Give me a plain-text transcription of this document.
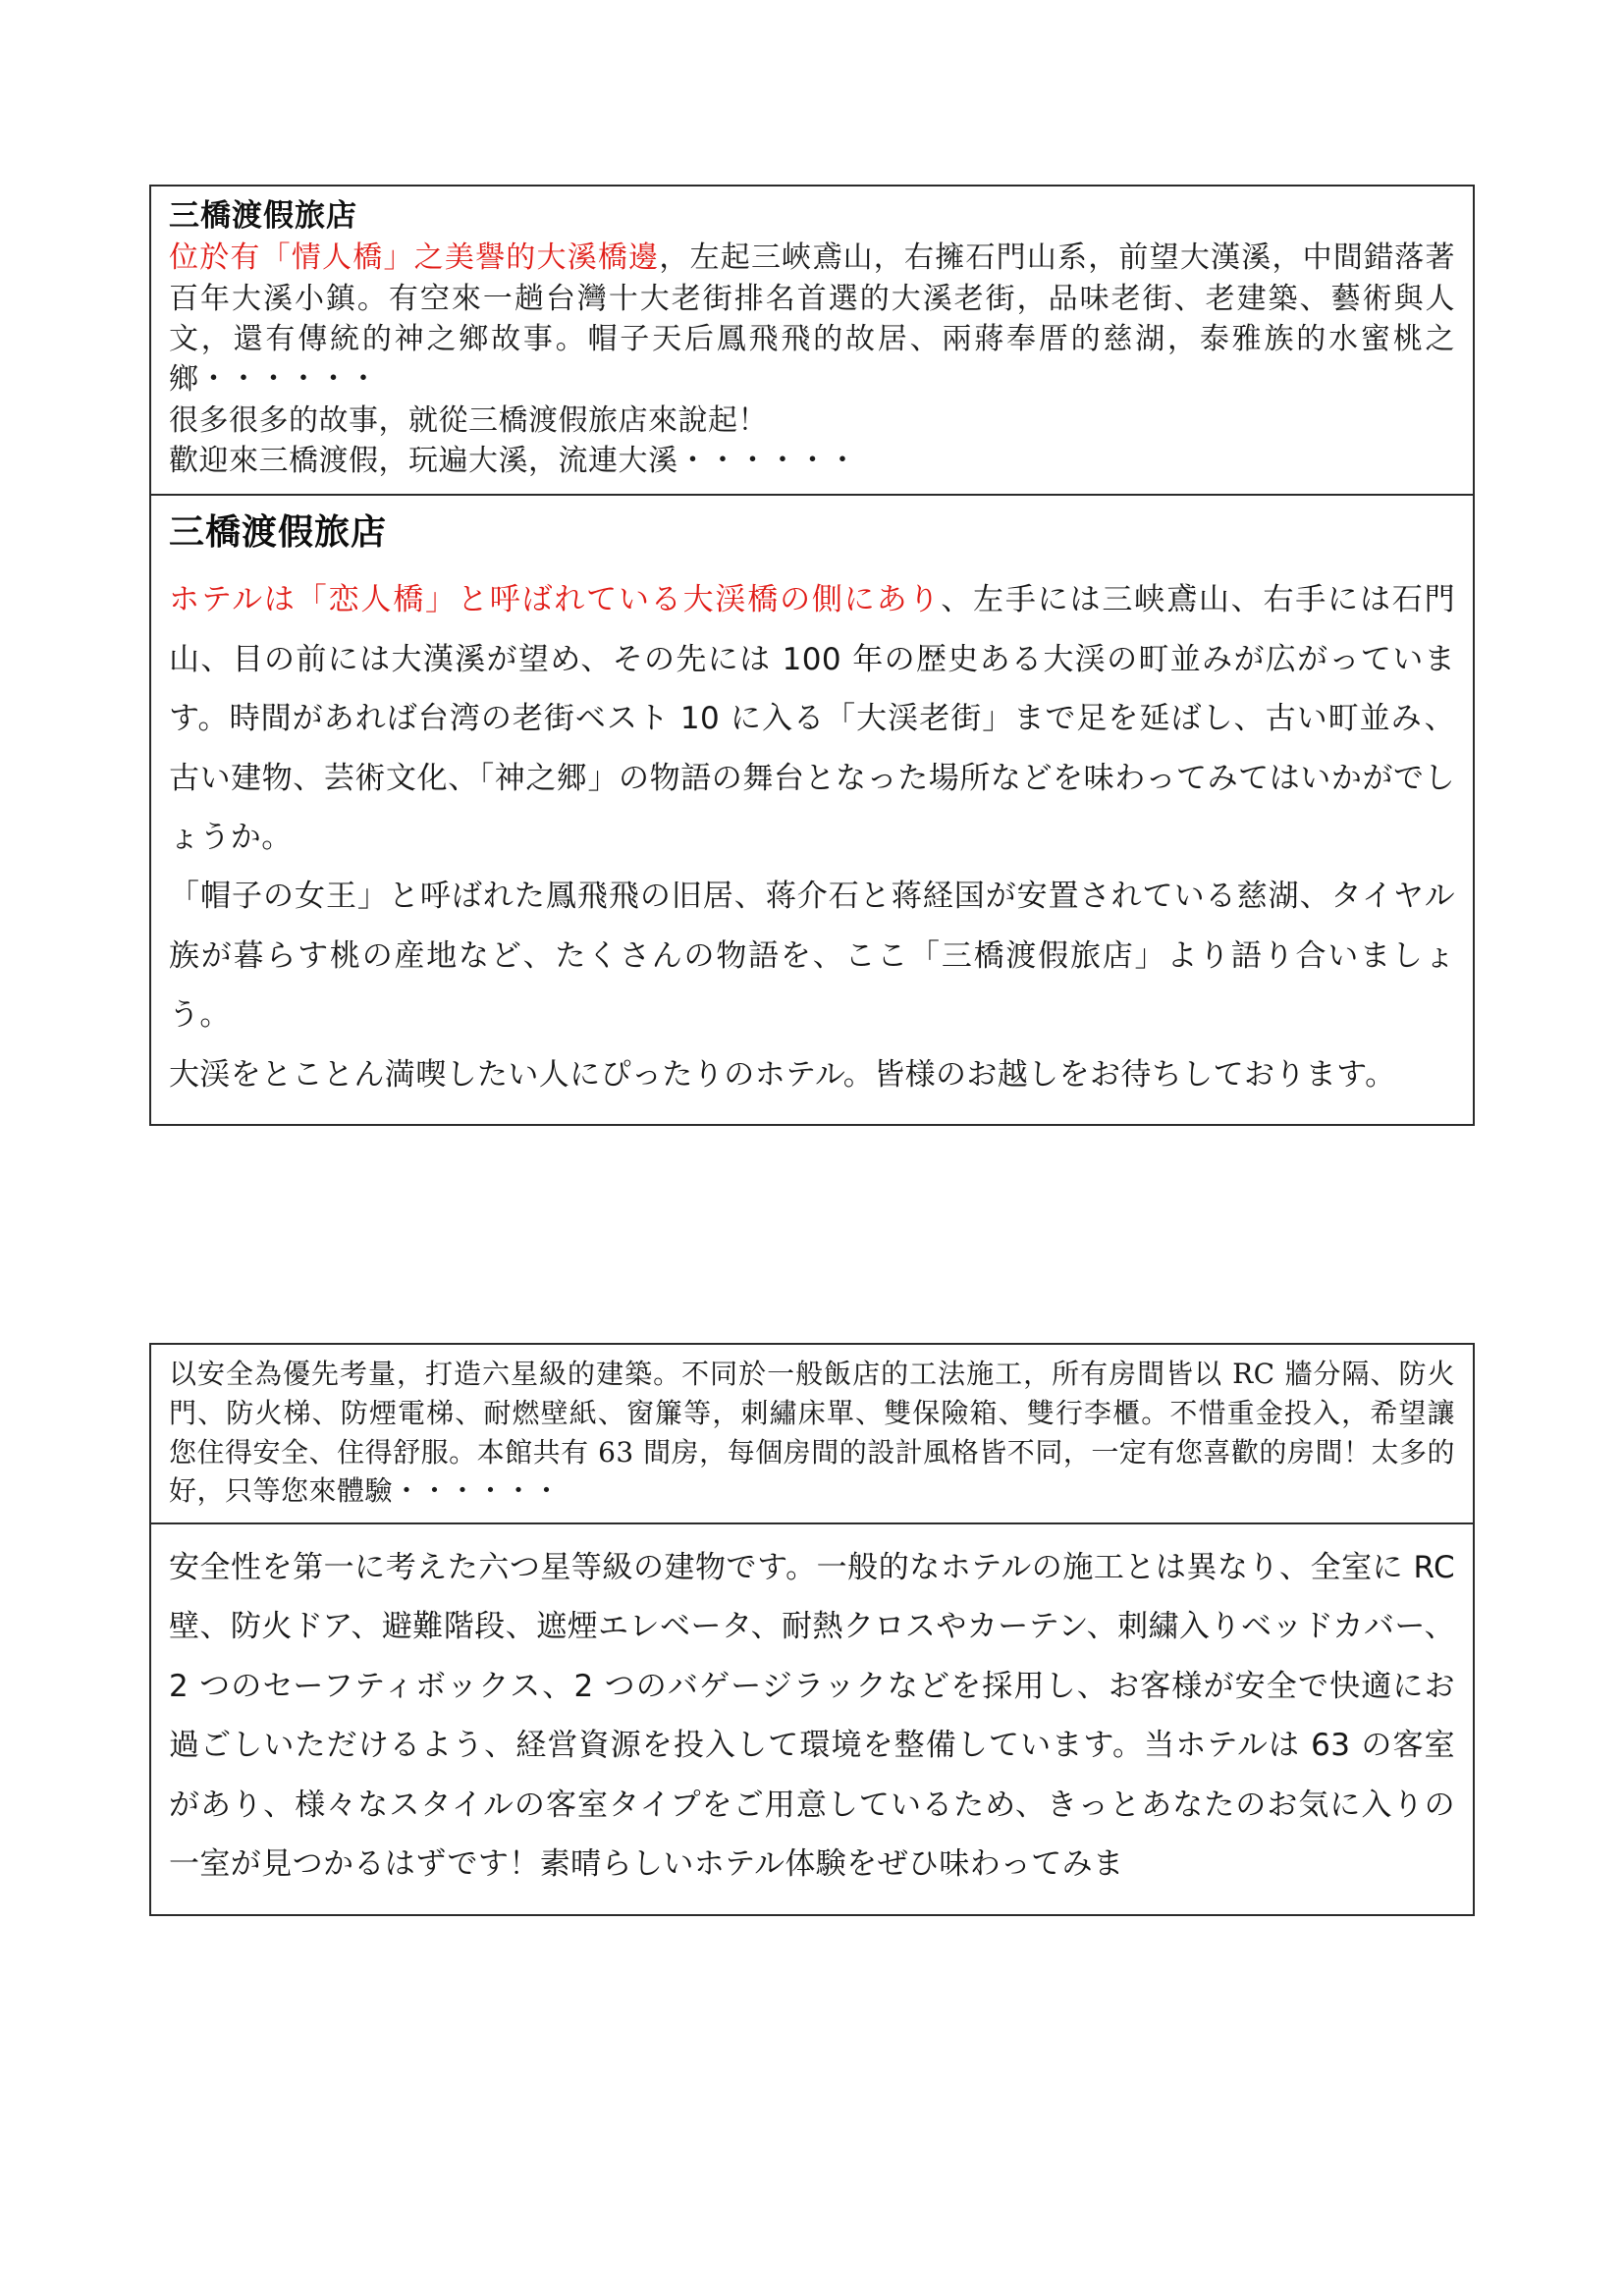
三橋渡假旅店

位於有「情人橋」之美譽的大溪橋邊，左起三峽鳶山，右擁石門山系，前望大漢溪，中間錯落著百年大溪小鎮。有空來一趟台灣十大老街排名首選的大溪老街，品味老街、老建築、藝術與人文，還有傳統的神之鄉故事。帽子天后鳳飛飛的故居、兩蔣奉厝的慈湖，泰雅族的水蜜桃之鄉・・・・・・

很多很多的故事，就從三橋渡假旅店來說起！

歡迎來三橋渡假，玩遍大溪，流連大溪・・・・・・

三橋渡假旅店

ホテルは「恋人橋」と呼ばれている大渓橋の側にあり、左手には三峡鳶山、右手には石門山、目の前には大漢溪が望め、その先には 100 年の歴史ある大渓の町並みが広がっています。時間があれば台湾の老街ベスト 10 に入る「大渓老街」まで足を延ばし、古い町並み、古い建物、芸術文化、「神之郷」の物語の舞台となった場所などを味わってみてはいかがでしょうか。

「帽子の女王」と呼ばれた鳳飛飛の旧居、蒋介石と蒋経国が安置されている慈湖、タイヤル族が暮らす桃の産地など、たくさんの物語を、ここ「三橋渡假旅店」より語り合いましょう。

大渓をとことん満喫したい人にぴったりのホテル。皆様のお越しをお待ちしております。

以安全為優先考量，打造六星級的建築。不同於一般飯店的工法施工，所有房間皆以 RC 牆分隔、防火門、防火梯、防煙電梯、耐燃壁紙、窗簾等，刺繡床單、雙保險箱、雙行李櫃。不惜重金投入，希望讓您住得安全、住得舒服。本館共有 63 間房，每個房間的設計風格皆不同，一定有您喜歡的房間！太多的好，只等您來體驗・・・・・・

安全性を第一に考えた六つ星等級の建物です。一般的なホテルの施工とは異なり、全室に RC 壁、防火ドア、避難階段、遮煙エレベータ、耐熱クロスやカーテン、刺繍入りベッドカバー、2 つのセーフティボックス、2 つのバゲージラックなどを採用し、お客様が安全で快適にお過ごしいただけるよう、経営資源を投入して環境を整備しています。当ホテルは 63 の客室があり、様々なスタイルの客室タイプをご用意しているため、きっとあなたのお気に入りの一室が見つかるはずです！素晴らしいホテル体験をぜひ味わってみま
